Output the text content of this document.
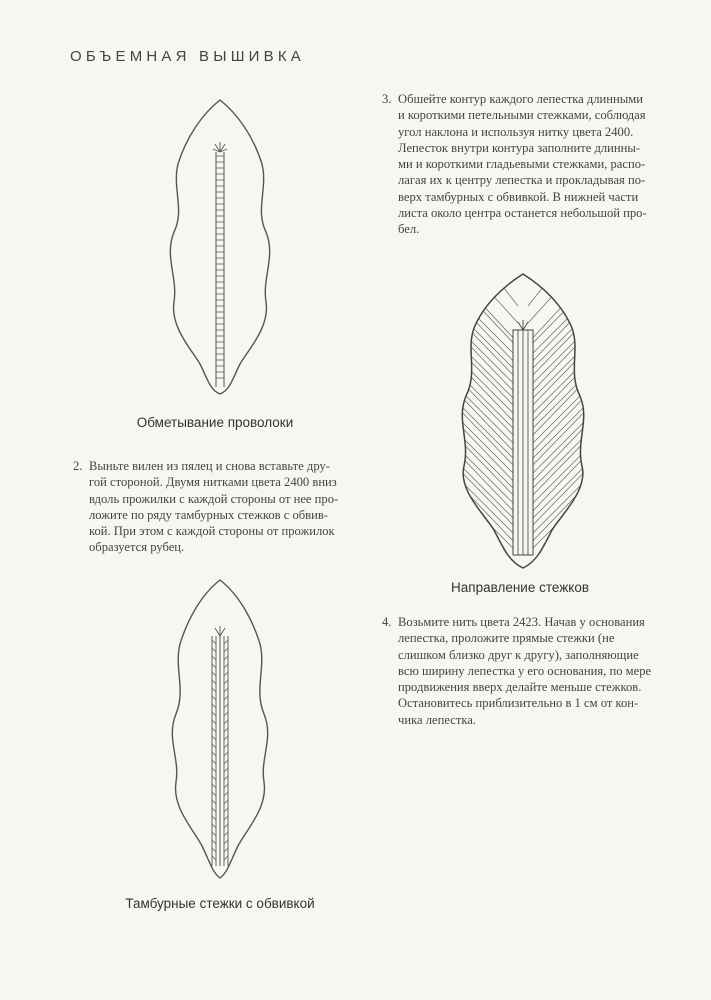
ОБЪЕМНАЯ ВЫШИВКА
Обметывание проволоки
3. Обшейте контур каждого лепестка длинными
и короткими петельными стежками, соблюдая
угол наклона и используя нитку цвета 2400.
Лепесток внутри контура заполните длинны-
ми и короткими гладьевыми стежками, распо-
лагая их к центру лепестка и прокладывая по-
верх тамбурных с обвивкой. В нижней части
листа около центра останется небольшой про-
бел.
Направление стежков
2. Выньте вилен из пялец и снова вставьте дру-
гой стороной. Двумя нитками цвета 2400 вниз
вдоль прожилки с каждой стороны от нее про-
ложите по ряду тамбурных стежков с обвив-
кой. При этом с каждой стороны от прожилок
образуется рубец.
Тамбурные стежки с обвивкой
4. Возьмите нить цвета 2423. Начав у основания
лепестка, проложите прямые стежки (не
слишком близко друг к другу), заполняющие
всю ширину лепестка у его основания, по мере
продвижения вверх делайте меньше стежков.
Остановитесь приблизительно в 1 см от кон-
чика лепестка.
